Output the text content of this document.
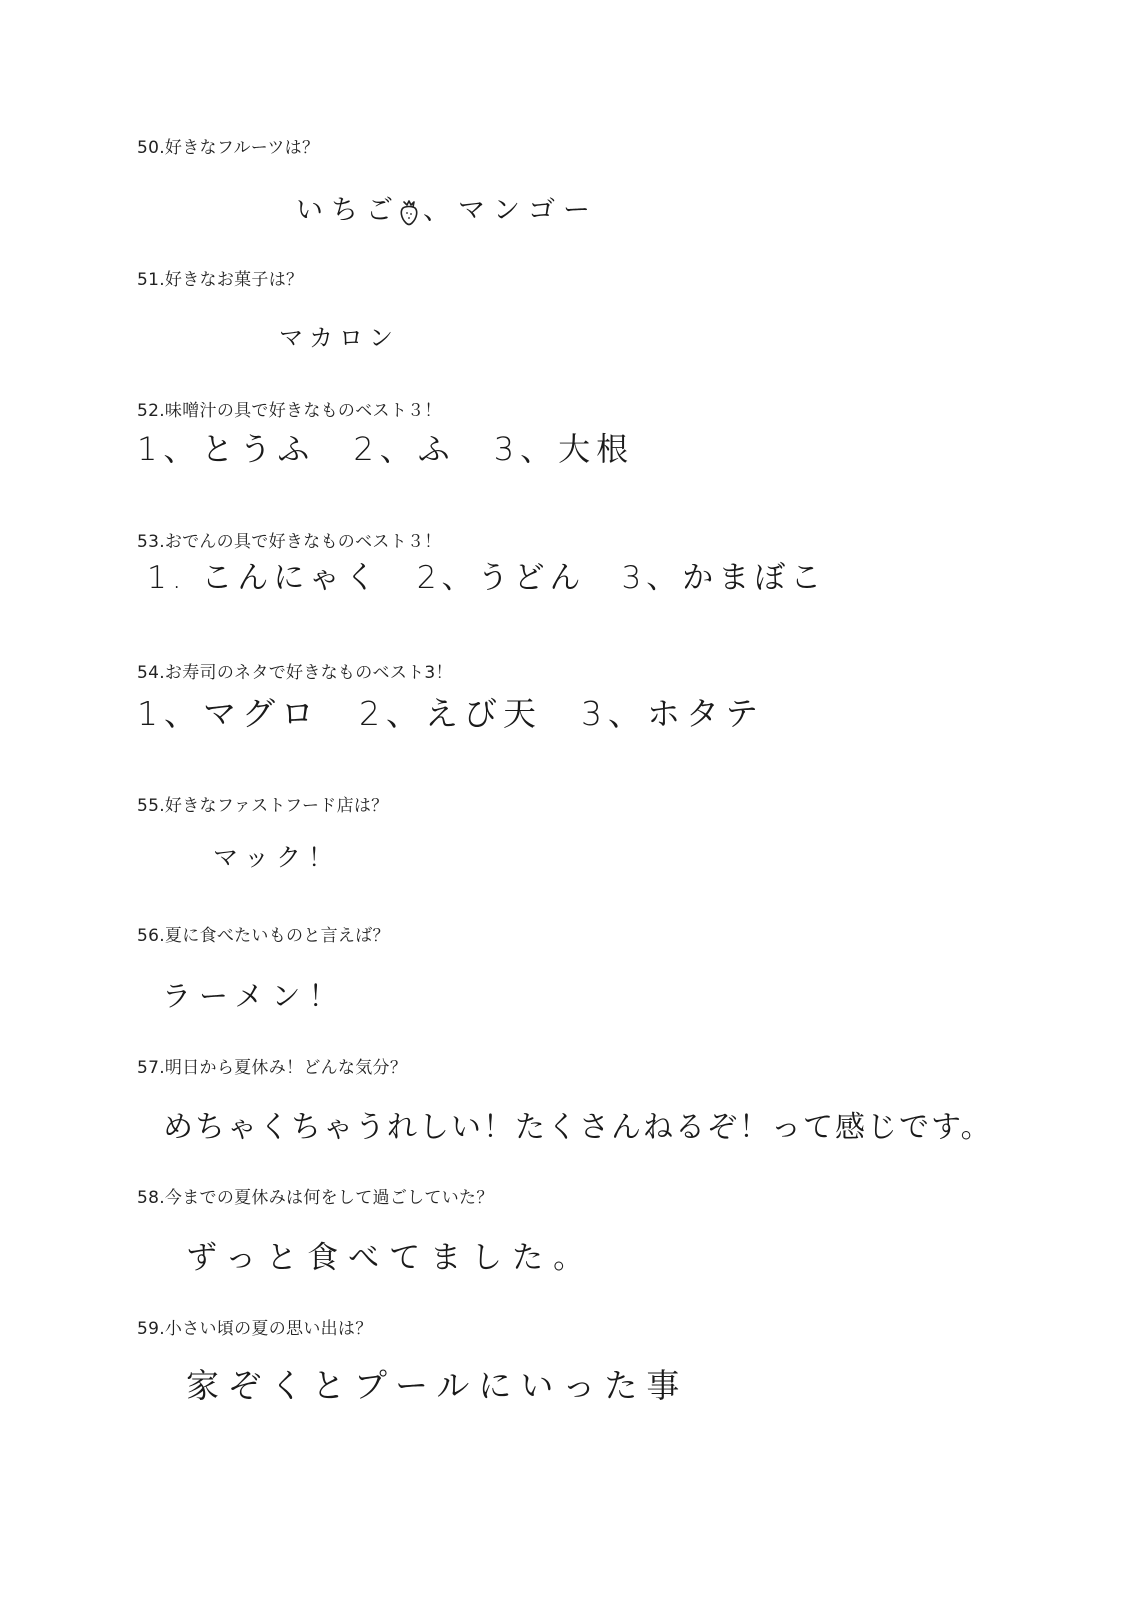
50.好きなフルーツは？
いちご 、マンゴー
51.好きなお菓子は？
マカロン
52.味噌汁の具で好きなものベスト３！
1、とうふ　2、ふ　3、大根
53.おでんの具で好きなものベスト３！
1. こんにゃく　2、うどん　3、かまぼこ
54.お寿司のネタで好きなものベスト3！
1、マグロ　2、えび天　3、ホタテ
55.好きなファストフード店は？
マック！
56.夏に食べたいものと言えば？
ラーメン！
57.明日から夏休み！どんな気分？
めちゃくちゃうれしい！たくさんねるぞ！って感じです。
58.今までの夏休みは何をして過ごしていた？
ずっと食べてました。
59.小さい頃の夏の思い出は？
家ぞくとプールにいった事
